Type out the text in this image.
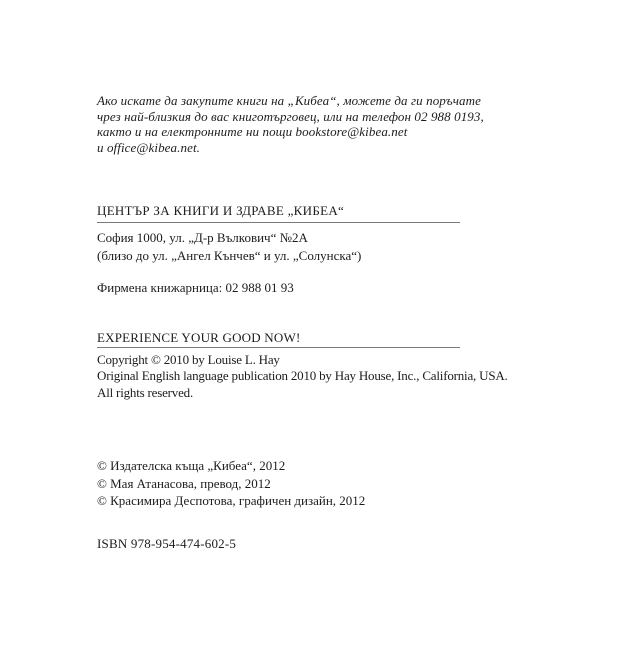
Ако искате да закупите книги на „Кибеа“, можете да ги поръчате
чрез най-близкия до вас книготърговец, или на телефон 02 988 0193,
както и на електронните ни пощи bookstore@kibea.net
и office@kibea.net.
ЦЕНТЪР ЗА КНИГИ И ЗДРАВЕ „КИБЕА“
София 1000, ул. „Д-р Вълкович“ №2А
(близо до ул. „Ангел Кънчев“ и ул. „Солунска“)
Фирмена книжарница: 02 988 01 93
EXPERIENCE YOUR GOOD NOW!
Copyright © 2010 by Louise L. Hay
Original English language publication 2010 by Hay House, Inc., California, USA.
All rights reserved.
© Издателска къща „Кибеа“, 2012
© Мая Атанасова, превод, 2012
© Красимира Деспотова, графичен дизайн, 2012
ISBN 978-954-474-602-5
